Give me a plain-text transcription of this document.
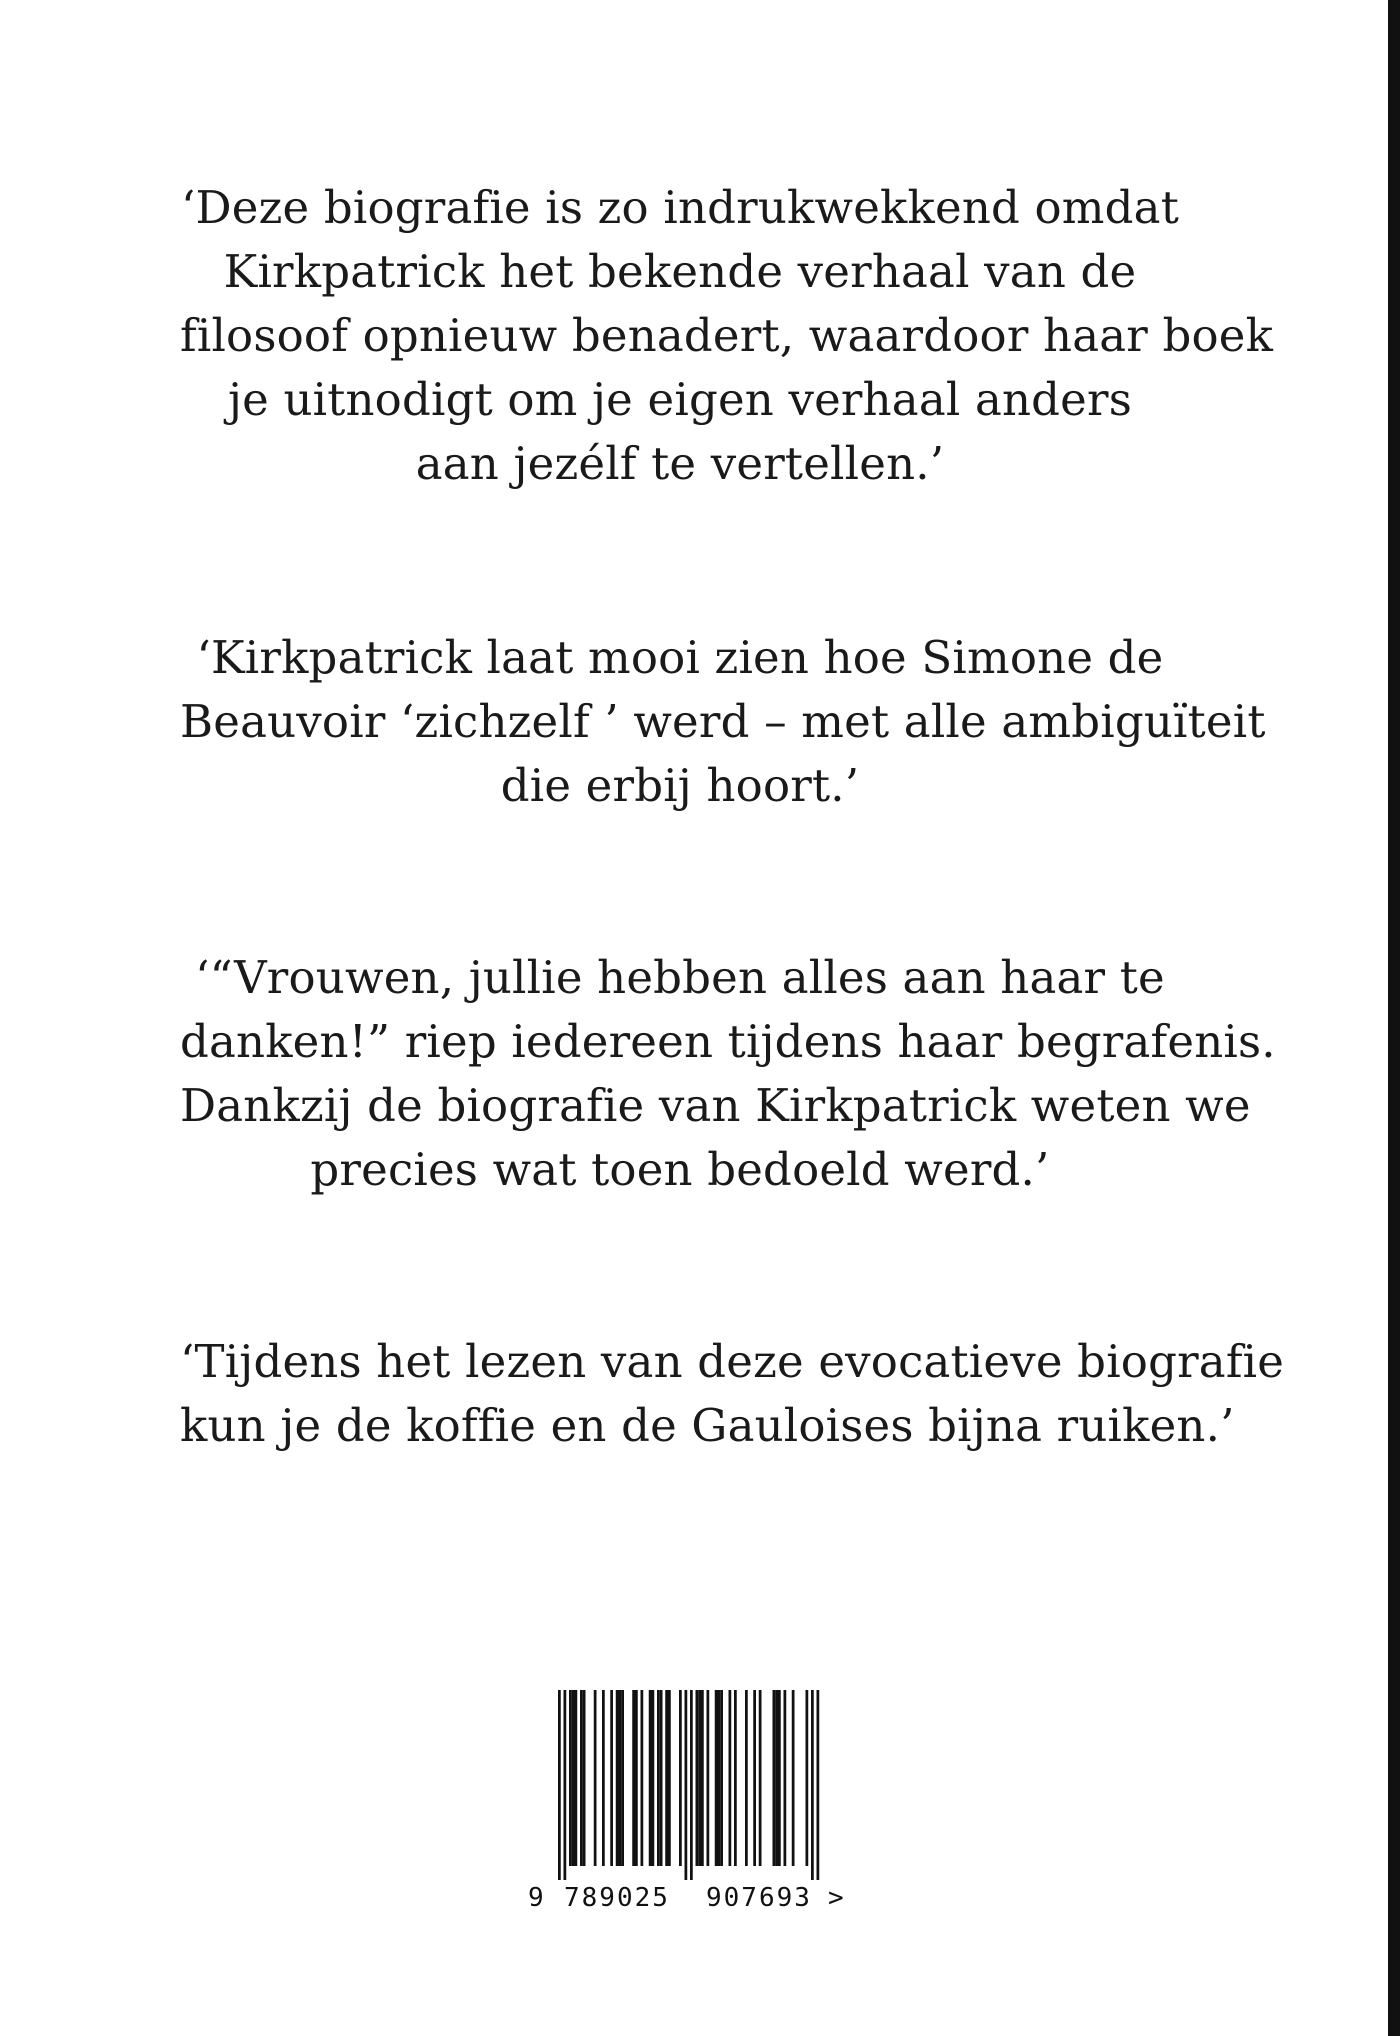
‘Deze biografie is zo indrukwekkend omdat
Kirkpatrick het bekende verhaal van de
filosoof opnieuw benadert, waardoor haar boek
je uitnodigt om je eigen verhaal anders
aan jezélf te vertellen.’
‘Kirkpatrick laat mooi zien hoe Simone de
Beauvoir ‘zichzelf ’ werd – met alle ambiguïteit
die erbij hoort.’
‘“Vrouwen, jullie hebben alles aan haar te
danken!” riep iedereen tijdens haar begrafenis.
Dankzij de biografie van Kirkpatrick weten we
precies wat toen bedoeld werd.’
‘Tijdens het lezen van deze evocatieve biografie
kun je de koffie en de Gauloises bijna ruiken.’
9 789025 907693 >
